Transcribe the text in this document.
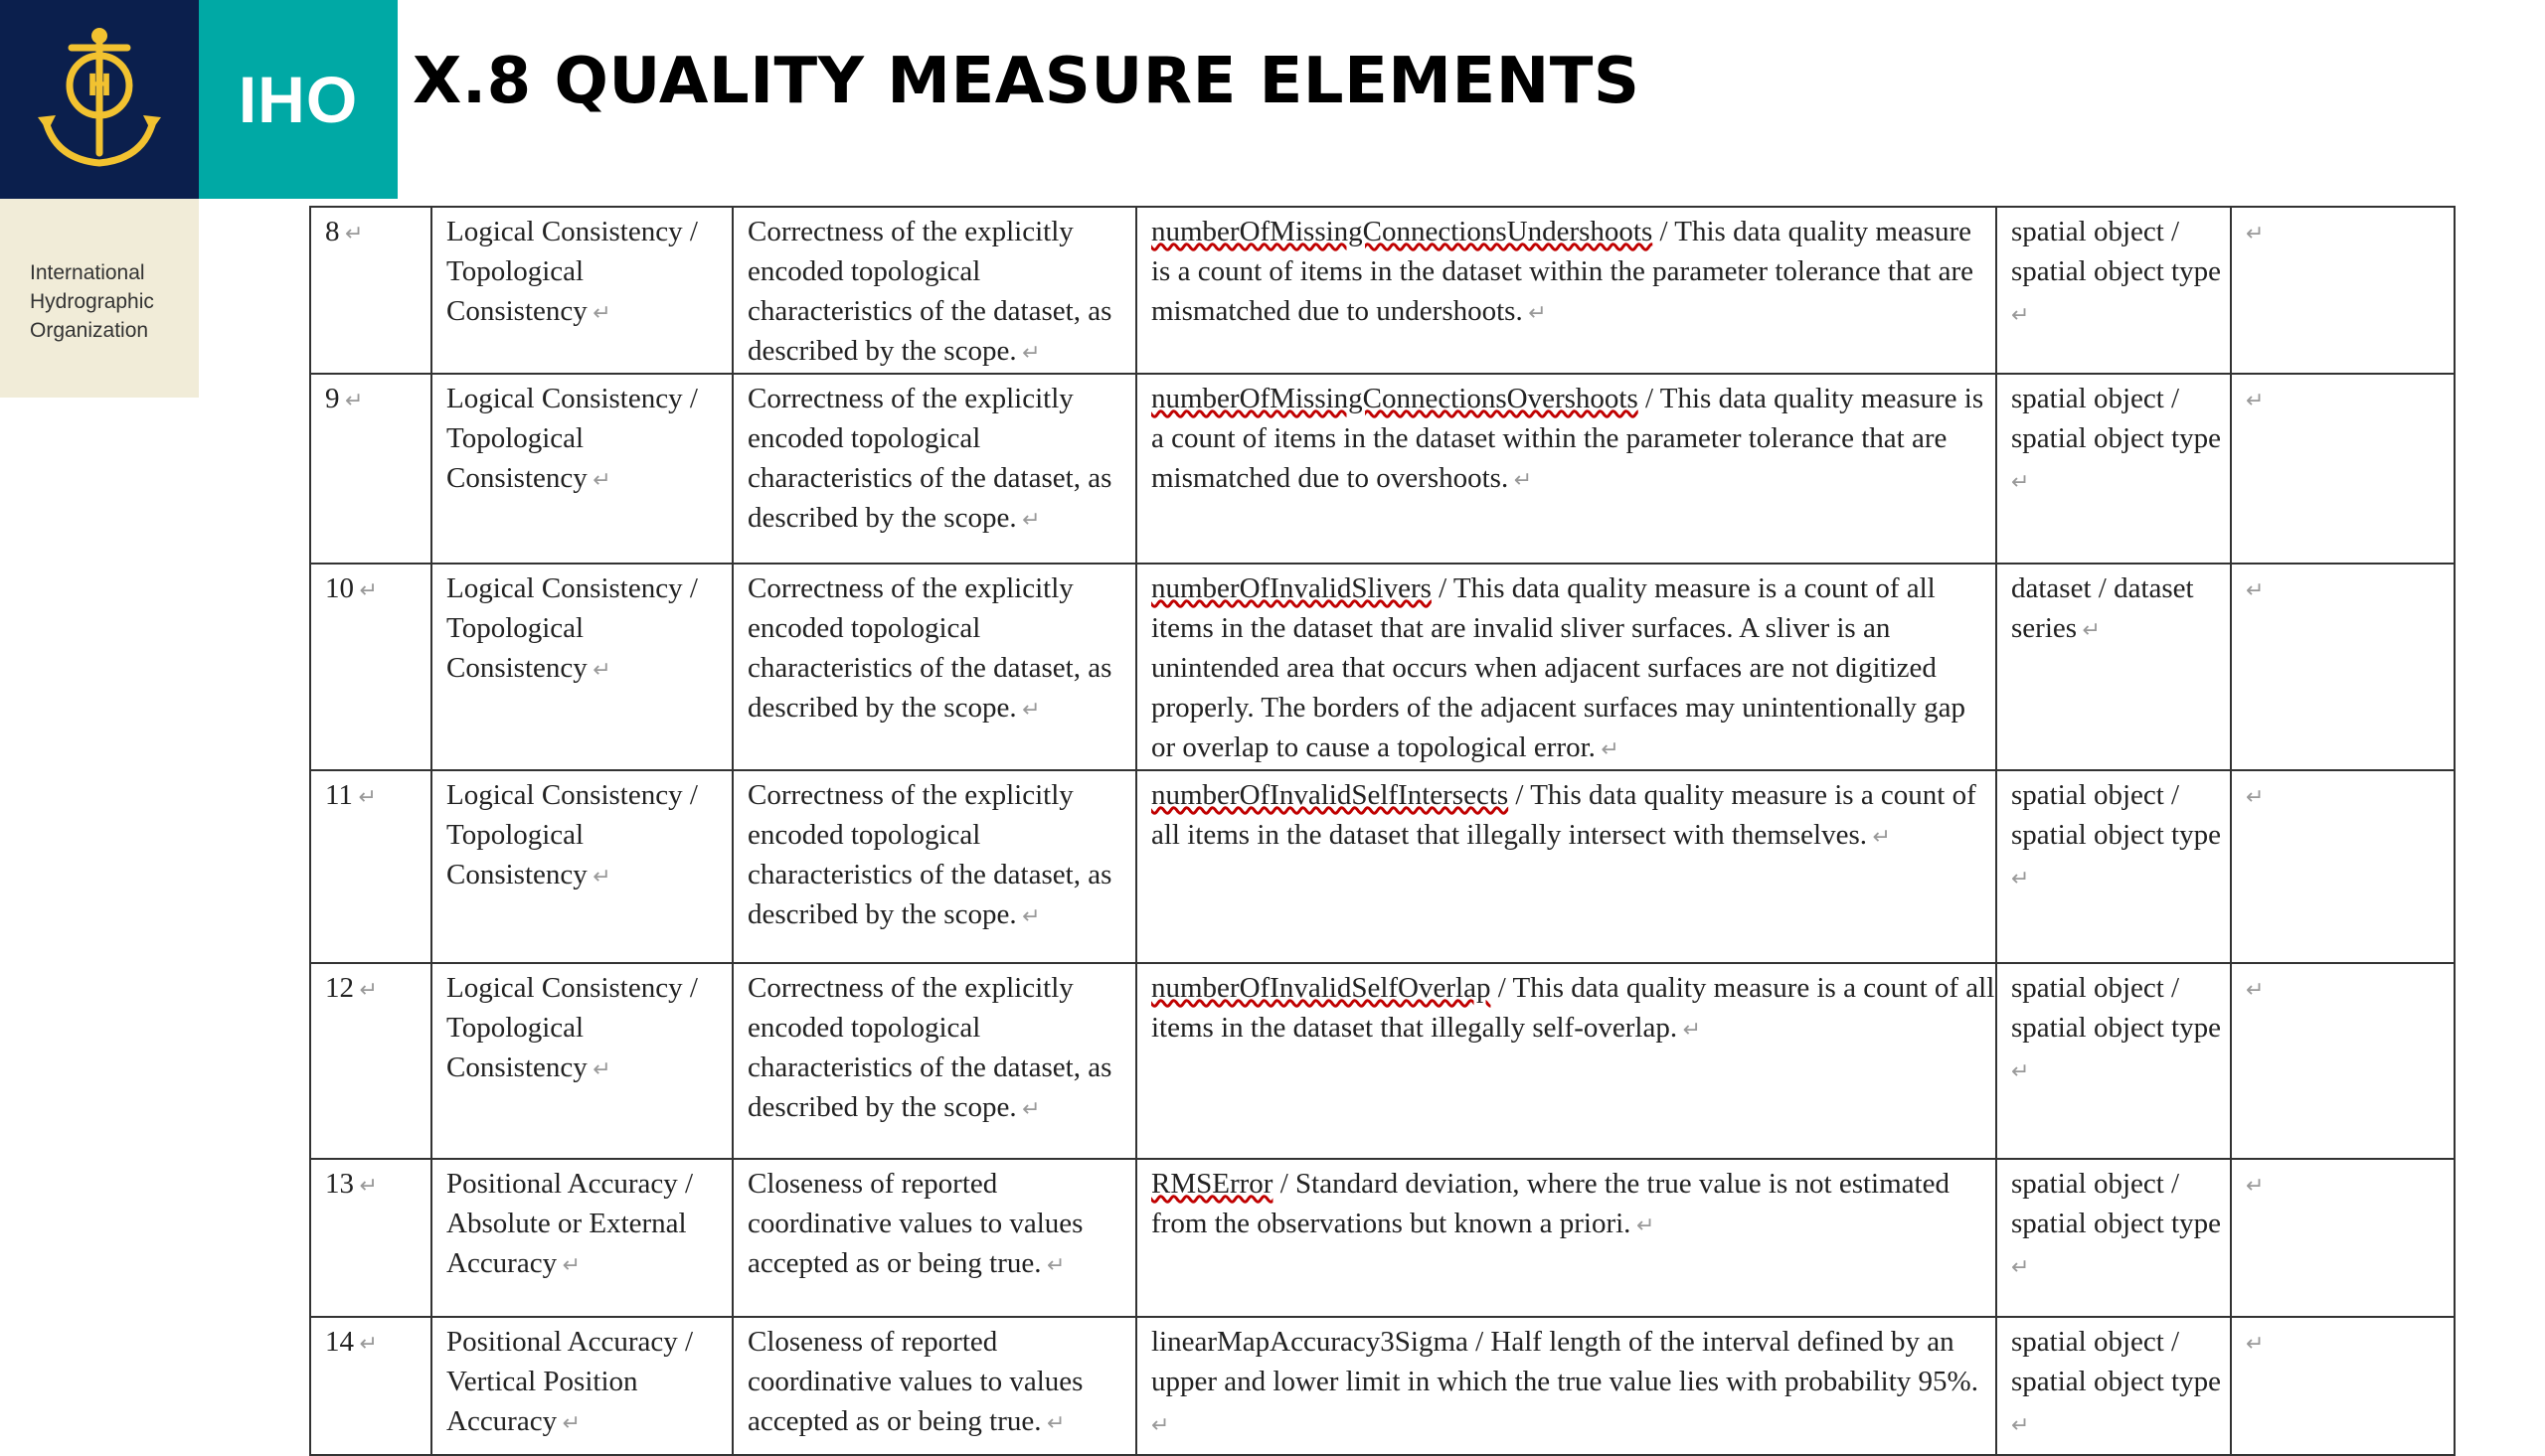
H IHO
International
Hydrographic
Organization
X.8 QUALITY MEASURE ELEMENTS
8 ↵	Logical Consistency / Topological Consistency ↵	Correctness of the explicitly encoded topological characteristics of the dataset, as described by the scope. ↵	numberOfMissingConnectionsUndershoots / This data quality measure is a count of items in the dataset within the parameter tolerance that are mismatched due to undershoots. ↵	spatial object / spatial object type ↵	↵
9 ↵	Logical Consistency / Topological Consistency ↵	Correctness of the explicitly encoded topological characteristics of the dataset, as described by the scope. ↵	numberOfMissingConnectionsOvershoots / This data quality measure is a count of items in the dataset within the parameter tolerance that are mismatched due to overshoots. ↵	spatial object / spatial object type ↵	↵
10 ↵	Logical Consistency / Topological Consistency ↵	Correctness of the explicitly encoded topological characteristics of the dataset, as described by the scope. ↵	numberOfInvalidSlivers / This data quality measure is a count of all items in the dataset that are invalid sliver surfaces. A sliver is an unintended area that occurs when adjacent surfaces are not digitized properly. The borders of the adjacent surfaces may unintentionally gap or overlap to cause a topological error. ↵	dataset / dataset series ↵	↵
11 ↵	Logical Consistency / Topological Consistency ↵	Correctness of the explicitly encoded topological characteristics of the dataset, as described by the scope. ↵	numberOfInvalidSelfIntersects / This data quality measure is a count of all items in the dataset that illegally intersect with themselves. ↵	spatial object / spatial object type ↵	↵
12 ↵	Logical Consistency / Topological Consistency ↵	Correctness of the explicitly encoded topological characteristics of the dataset, as described by the scope. ↵	numberOfInvalidSelfOverlap / This data quality measure is a count of all items in the dataset that illegally self-overlap. ↵	spatial object / spatial object type ↵	↵
13 ↵	Positional Accuracy / Absolute or External Accuracy ↵	Closeness of reported coordinative values to values accepted as or being true. ↵	RMSError / Standard deviation, where the true value is not estimated from the observations but known a priori. ↵	spatial object / spatial object type ↵	↵
14 ↵	Positional Accuracy / Vertical Position Accuracy ↵	Closeness of reported coordinative values to values accepted as or being true. ↵	linearMapAccuracy3Sigma / Half length of the interval defined by an upper and lower limit in which the true value lies with probability 95%. ↵	spatial object / spatial object type ↵	↵
